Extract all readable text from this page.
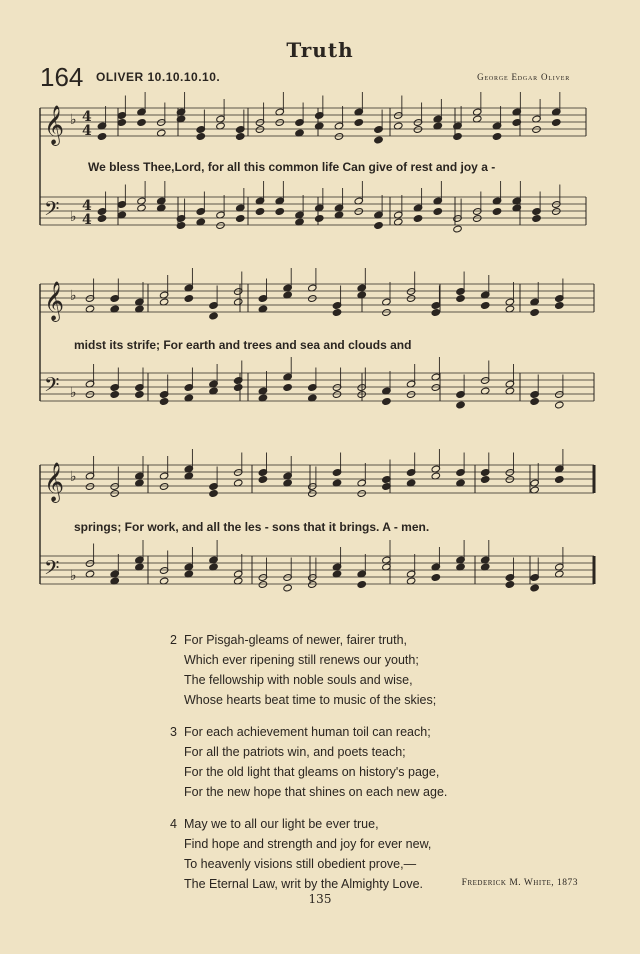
Truth
164 OLIVER 10.10.10.10.	George Edgar Oliver
𝄞 ♭ 4
4
𝄢 ♭
4
4
𝄞 ♭
𝄢 ♭
𝄞 ♭
𝄢 ♭
We bless Thee,Lord, for all this common life Can give of rest and joy a -
midst its strife; For earth and trees and sea and clouds and
springs; For work, and all the les - sons that it brings. A - men.
2 For Pisgah-gleams of newer, fairer truth,
Which ever ripening still renews our youth;
The fellowship with noble souls and wise,
Whose hearts beat time to music of the skies;
3 For each achievement human toil can reach;
For all the patriots win, and poets teach;
For the old light that gleams on history's page,
For the new hope that shines on each new age.
4 May we to all our light be ever true,
Find hope and strength and joy for ever new,
To heavenly visions still obedient prove,—
The Eternal Law, writ by the Almighty Love.	Frederick M. White, 1873
135
